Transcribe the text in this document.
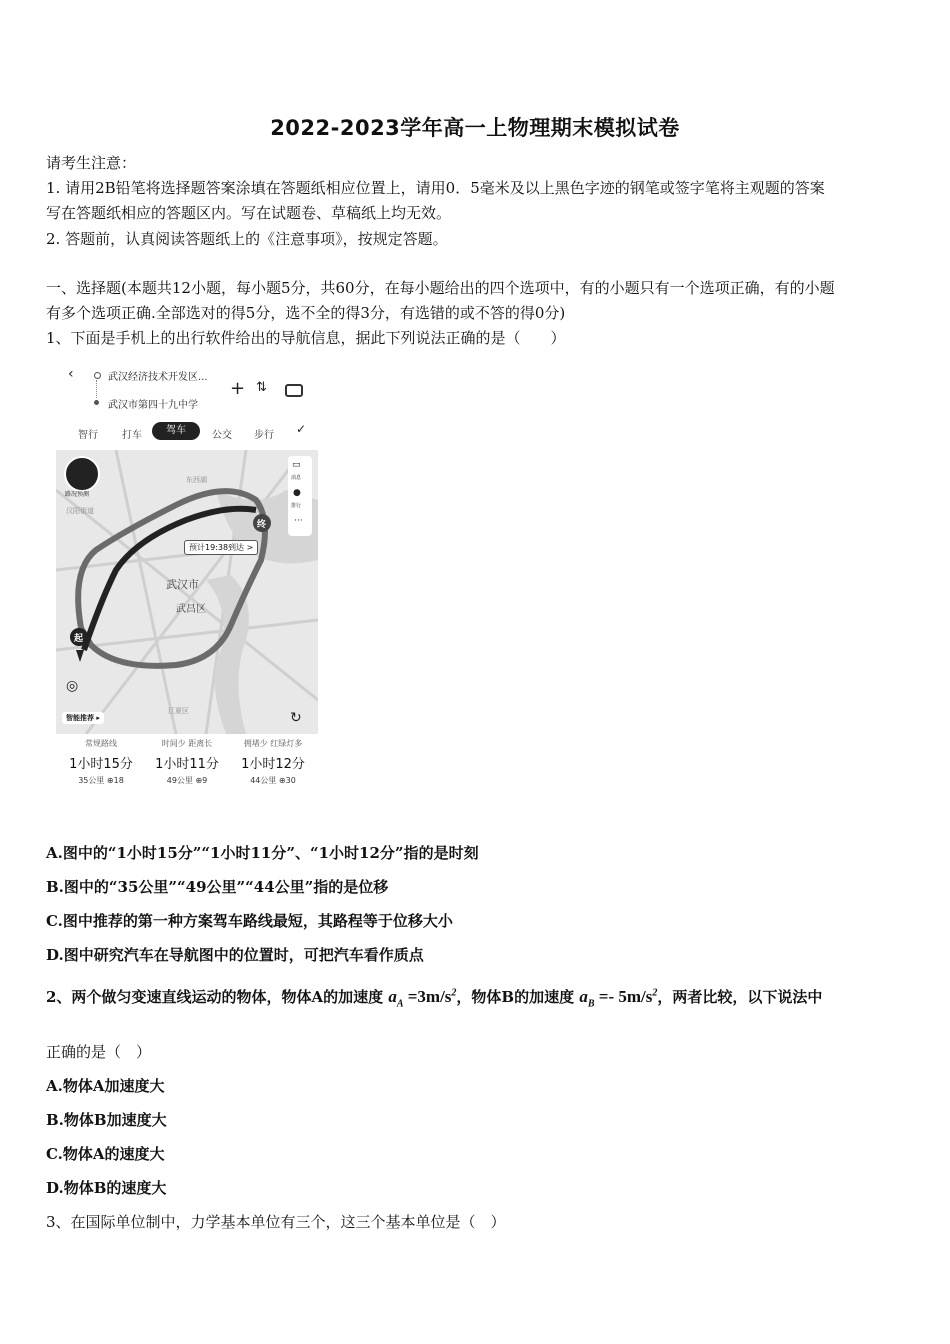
2022-2023学年高一上物理期末模拟试卷
请考生注意：
1. 请用2B铅笔将选择题答案涂填在答题纸相应位置上，请用0．5毫米及以上黑色字迹的钢笔或签字笔将主观题的答案
写在答题纸相应的答题区内。写在试题卷、草稿纸上均无效。
2. 答题前，认真阅读答题纸上的《注意事项》，按规定答题。
一、选择题(本题共12小题，每小题5分，共60分，在每小题给出的四个选项中，有的小题只有一个选项正确，有的小题
有多个选项正确.全部选对的得5分，选不全的得3分，有选错的或不答的得0分)
1、下面是手机上的出行软件给出的导航信息，据此下列说法正确的是（　　）
‹	武汉经济技术开发区...
武汉市第四十九中学
+ ⇅
智行 打车	驾车	公交 步行 ✓
路况预测
汉阳街道
东西湖
武汉市
武昌区
江夏区
起
终
预计19:38到达 >
▭
消息
●
排行
···
◎
智能推荐 ▸	↻
常规路线
1小时15分
35公里 ⊕18
时间少 距离长
1小时11分
49公里 ⊕9
拥堵少 红绿灯多
1小时12分
44公里 ⊕30
A.图中的“1小时15分”“1小时11分”、“1小时12分”指的是时刻
B.图中的“35公里”“49公里”“44公里”指的是位移
C.图中推荐的第一种方案驾车路线最短，其路程等于位移大小
D.图中研究汽车在导航图中的位置时，可把汽车看作质点
2、两个做匀变速直线运动的物体，物体A的加速度 $a_A =3m/s^2$，物体B的加速度 $a_B =- 5m/s^2$，两者比较，以下说法中
正确的是（　）
A.物体A加速度大
B.物体B加速度大
C.物体A的速度大
D.物体B的速度大
3、在国际单位制中，力学基本单位有三个，这三个基本单位是（　）
